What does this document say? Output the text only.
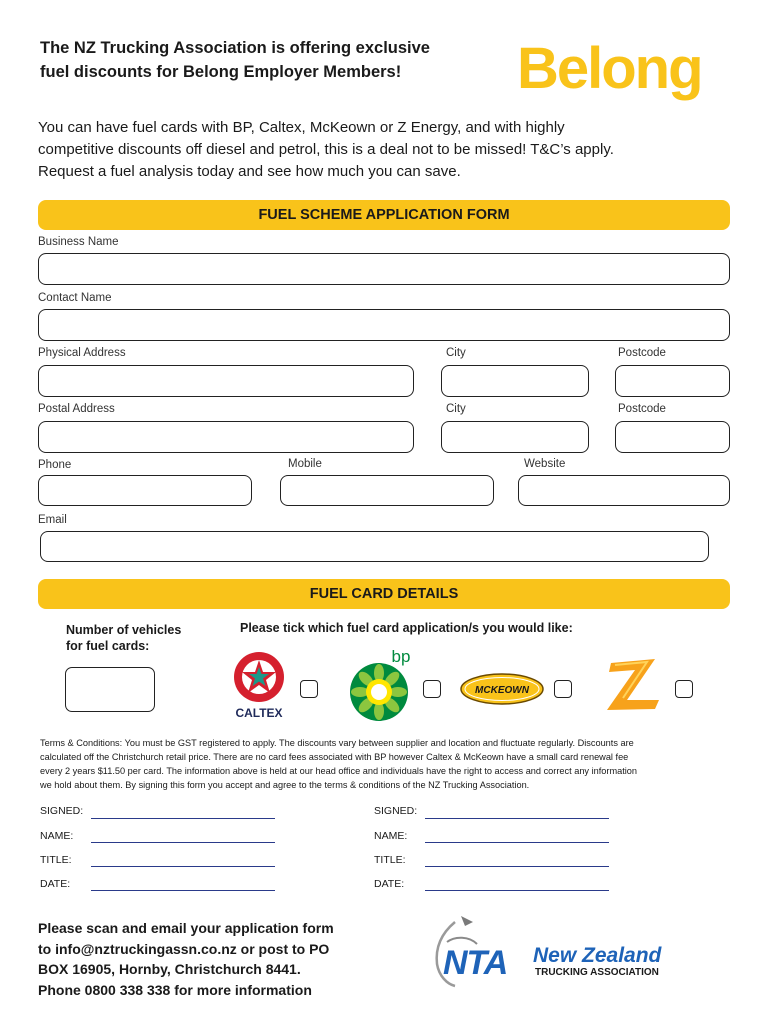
The NZ Trucking Association is offering exclusive
fuel discounts for Belong Employer Members!	Belong
You can have fuel cards with BP, Caltex, McKeown or Z Energy, and with highly
competitive discounts off diesel and petrol, this is a deal not to be missed! T&C’s apply.
Request a fuel analysis today and see how much you can save.
FUEL SCHEME APPLICATION FORM
Business Name
Contact Name
Physical Address	City	Postcode
Postal Address	City	Postcode
Phone	Mobile	Website
Email
FUEL CARD DETAILS
Number of vehicles
for fuel cards:
Please tick which fuel card application/s you would like:
CALTEX
bp
MCKEOWN	Z
Terms & Conditions: You must be GST registered to apply. The discounts vary between supplier and location and fluctuate regularly. Discounts are
calculated off the Christchurch retail price. There are no card fees associated with BP however Caltex & McKeown have a small card renewal fee
every 2 years $11.50 per card. The information above is held at our head office and individuals have the right to access and correct any information
we hold about them. By signing this form you accept and agree to the terms & conditions of the NZ Trucking Association.
SIGNED:
NAME:
TITLE:
DATE:
SIGNED:
NAME:
TITLE:
DATE:
Please scan and email your application form
to info@nztruckingassn.co.nz or post to PO
BOX 16905, Hornby, Christchurch 8441.
Phone 0800 338 338 for more information
NTA New Zealand
TRUCKING ASSOCIATION
